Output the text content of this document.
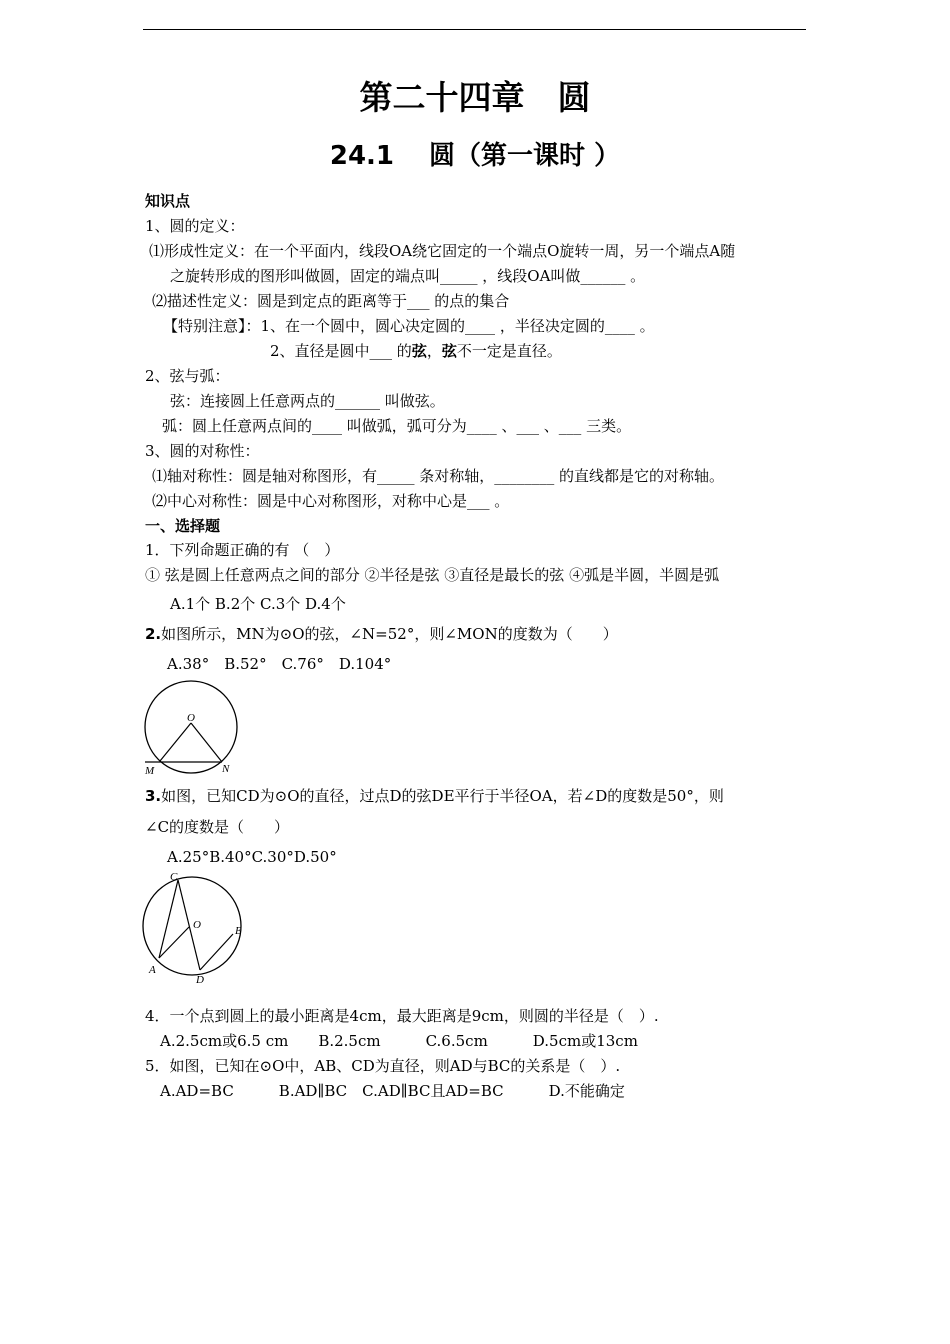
第二十四章　圆
24.1　 圆（第一课时 ）
知识点
1、圆的定义：
⑴形成性定义：在一个平面内，线段OA绕它固定的一个端点O旋转一周，另一个端点A随
之旋转形成的图形叫做圆，固定的端点叫_____ ，线段OA叫做______ 。
⑵描述性定义：圆是到定点的距离等于___ 的点的集合
【特别注意】：1、在一个圆中，圆心决定圆的____ ，半径决定圆的____ 。
2、直径是圆中___ 的弦，弦不一定是直径。
2、弦与弧：
弦：连接圆上任意两点的______ 叫做弦。
弧：圆上任意两点间的____ 叫做弧，弧可分为____ 、___ 、___ 三类。
3、圆的对称性：
⑴轴对称性：圆是轴对称图形，有_____ 条对称轴，________ 的直线都是它的对称轴。
⑵中心对称性：圆是中心对称图形，对称中心是___ 。
一、选择题
1．下列命题正确的有 （　）
① 弦是圆上任意两点之间的部分 ②半径是弦 ③直径是最长的弦 ④弧是半圆，半圆是弧
A.1个 B.2个 C.3个 D.4个
2.如图所示，MN为⊙O的弦，∠N=52°，则∠MON的度数为（　　）
A.38°　B.52°　C.76°　D.104°
O
M	N
3.如图，已知CD为⊙O的直径，过点D的弦DE平行于半径OA，若∠D的度数是50°，则
∠C的度数是（　　）
A.25°B.40°C.30°D.50°
C
O	E
A
D
4．一个点到圆上的最小距离是4cm，最大距离是9cm，则圆的半径是（　）.
A.2.5cm或6.5 cm　　B.2.5cm　　　C.6.5cm　　　D.5cm或13cm
5．如图，已知在⊙O中，AB、CD为直径，则AD与BC的关系是（　）.
A.AD=BC　　　B.AD∥BC　C.AD∥BC且AD=BC　　　D.不能确定
